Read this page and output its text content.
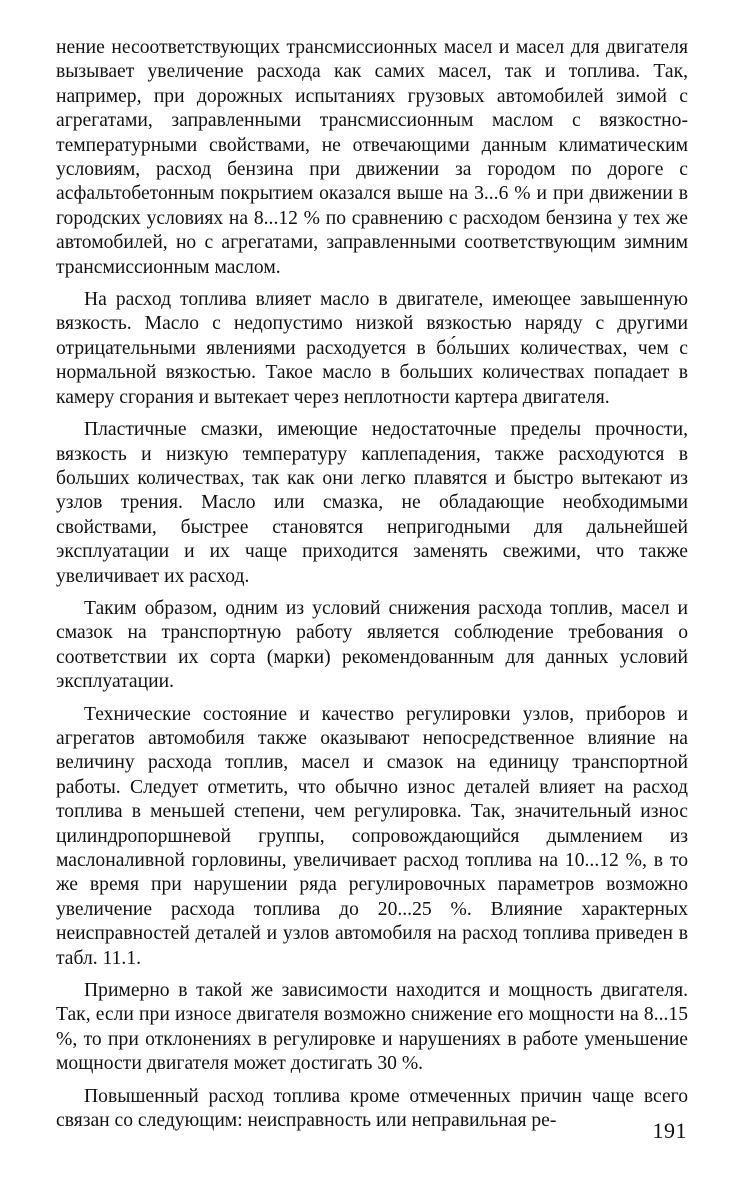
нение несоответствующих трансмиссионных масел и масел для двигателя вызывает увеличение расхода как самих масел, так и топлива. Так, например, при дорожных испытаниях грузовых автомобилей зимой с агрегатами, заправленными трансмиссионным маслом с вязкостно-температурными свойствами, не отвечающими данным климатическим условиям, расход бензина при движении за городом по дороге с асфальтобетонным покрытием оказался выше на 3...6 % и при движении в городских условиях на 8...12 % по сравнению с расходом бензина у тех же автомобилей, но с агрегатами, заправленными соответствующим зимним трансмиссионным маслом.

На расход топлива влияет масло в двигателе, имеющее завышенную вязкость. Масло с недопустимо низкой вязкостью наряду с другими отрицательными явлениями расходуется в бо́льших количествах, чем с нормальной вязкостью. Такое масло в больших количествах попадает в камеру сгорания и вытекает через неплотности картера двигателя.

Пластичные смазки, имеющие недостаточные пределы прочности, вязкость и низкую температуру каплепадения, также расходуются в больших количествах, так как они легко плавятся и быстро вытекают из узлов трения. Масло или смазка, не обладающие необходимыми свойствами, быстрее становятся непригодными для дальнейшей эксплуатации и их чаще приходится заменять свежими, что также увеличивает их расход.

Таким образом, одним из условий снижения расхода топлив, масел и смазок на транспортную работу является соблюдение требования о соответствии их сорта (марки) рекомендованным для данных условий эксплуатации.

Технические состояние и качество регулировки узлов, приборов и агрегатов автомобиля также оказывают непосредственное влияние на величину расхода топлив, масел и смазок на единицу транспортной работы. Следует отметить, что обычно износ деталей влияет на расход топлива в меньшей степени, чем регулировка. Так, значительный износ цилиндропоршневой группы, сопровождающийся дымлением из маслоналивной горловины, увеличивает расход топлива на 10...12 %, в то же время при нарушении ряда регулировочных параметров возможно увеличение расхода топлива до 20...25 %. Влияние характерных неисправностей деталей и узлов автомобиля на расход топлива приведен в табл. 11.1.

Примерно в такой же зависимости находится и мощность двигателя. Так, если при износе двигателя возможно снижение его мощности на 8...15 %, то при отклонениях в регулировке и нарушениях в работе уменьшение мощности двигателя может достигать 30 %.

Повышенный расход топлива кроме отмеченных причин чаще всего связан со следующим: неисправность или неправильная ре-	191
